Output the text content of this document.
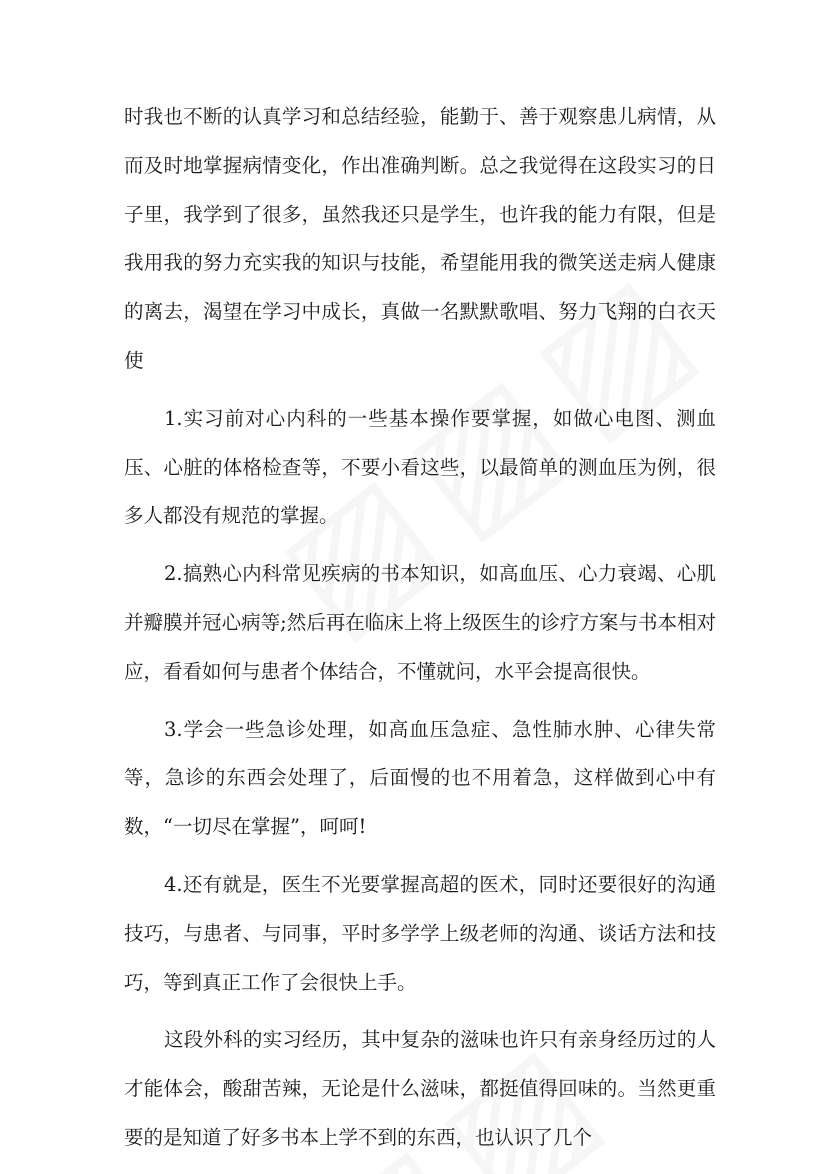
时我也不断的认真学习和总结经验，能勤于、善于观察患儿病情，从而及时地掌握病情变化，作出准确判断。总之我觉得在这段实习的日子里，我学到了很多，虽然我还只是学生，也许我的能力有限，但是我用我的努力充实我的知识与技能，希望能用我的微笑送走病人健康的离去，渴望在学习中成长，真做一名默默歌唱、努力飞翔的白衣天使

1.实习前对心内科的一些基本操作要掌握，如做心电图、测血压、心脏的体格检查等，不要小看这些，以最简单的测血压为例，很多人都没有规范的掌握。

2.搞熟心内科常见疾病的书本知识，如高血压、心力衰竭、心肌并瓣膜并冠心病等;然后再在临床上将上级医生的诊疗方案与书本相对应，看看如何与患者个体结合，不懂就问，水平会提高很快。

3.学会一些急诊处理，如高血压急症、急性肺水肿、心律失常等，急诊的东西会处理了，后面慢的也不用着急，这样做到心中有数，“一切尽在掌握”，呵呵!

4.还有就是，医生不光要掌握高超的医术，同时还要很好的沟通技巧，与患者、与同事，平时多学学上级老师的沟通、谈话方法和技巧，等到真正工作了会很快上手。

这段外科的实习经历，其中复杂的滋味也许只有亲身经历过的人才能体会，酸甜苦辣，无论是什么滋味，都挺值得回味的。当然更重要的是知道了好多书本上学不到的东西，也认识了几个
